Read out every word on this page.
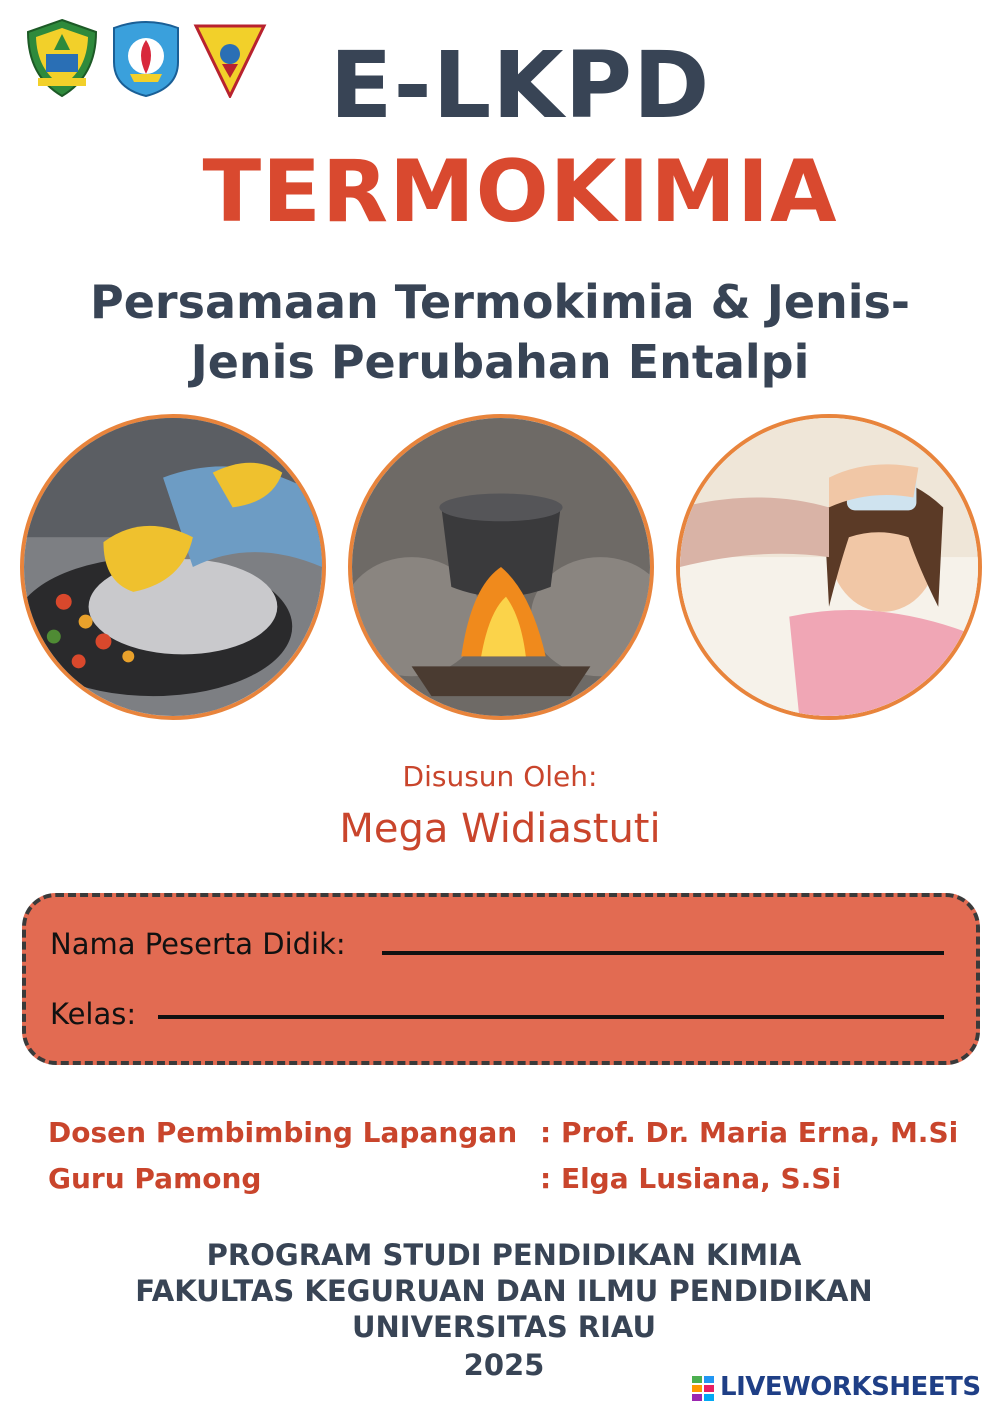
E-LKPD
TERMOKIMIA
Persamaan Termokimia & Jenis-
Jenis Perubahan Entalpi
Disusun Oleh:
Mega Widiastuti
Nama Peserta Didik:
Kelas:
Dosen Pembimbing Lapangan : Prof. Dr. Maria Erna, M.Si
Guru Pamong	: Elga Lusiana, S.Si
PROGRAM STUDI PENDIDIKAN KIMIA
FAKULTAS KEGURUAN DAN ILMU PENDIDIKAN
UNIVERSITAS RIAU
2025
LIVEWORKSHEETS
